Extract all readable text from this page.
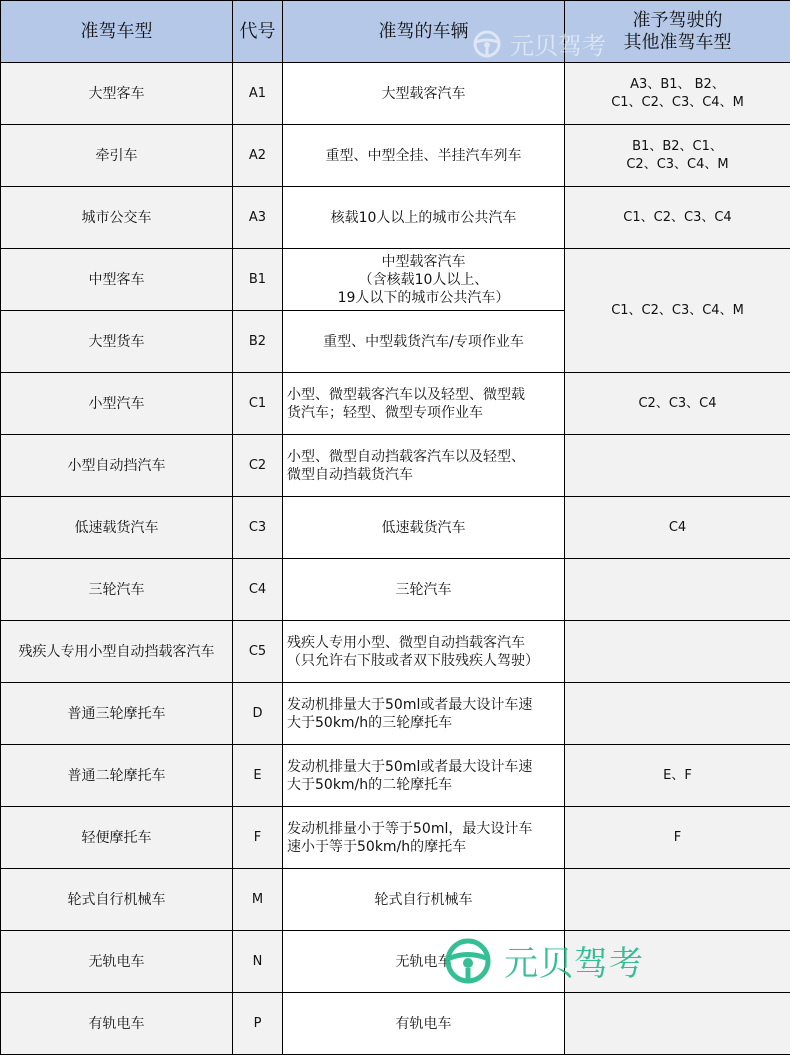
准驾车型	代号	准驾的车辆	准予驾驶的
其他准驾车型

大型客车	A1	大型载客汽车	A3、B1、 B2、
C1、C2、C3、C4、M

牵引车	A2	重型、中型全挂、半挂汽车列车	B1、B2、C1、
C2、C3、C4、M

城市公交车	A3	核载10人以上的城市公共汽车	C1、C2、C3、C4

中型客车	B1	中型载客汽车
（含核载10人以上、
19人以下的城市公共汽车）	C1、C2、C3、C4、M

大型货车	B2	重型、中型载货汽车/专项作业车	

小型汽车	C1	小型、微型载客汽车以及轻型、微型载
货汽车；轻型、微型专项作业车	C2、C3、C4

小型自动挡汽车	C2	小型、微型自动挡载客汽车以及轻型、
微型自动挡载货汽车	

低速载货汽车	C3	低速载货汽车	C4

三轮汽车	C4	三轮汽车	

残疾人专用小型自动挡载客汽车	C5	残疾人专用小型、微型自动挡载客汽车
（只允许右下肢或者双下肢残疾人驾驶）	

普通三轮摩托车	D	发动机排量大于50ml或者最大设计车速
大于50km/h的三轮摩托车	

普通二轮摩托车	E	发动机排量大于50ml或者最大设计车速
大于50km/h的二轮摩托车	E、F

轻便摩托车	F	发动机排量小于等于50ml，最大设计车
速小于等于50km/h的摩托车	F

轮式自行机械车	M	轮式自行机械车	

无轨电车	N	无轨电车	

有轨电车	P	有轨电车	

元贝驾考
元贝驾考
